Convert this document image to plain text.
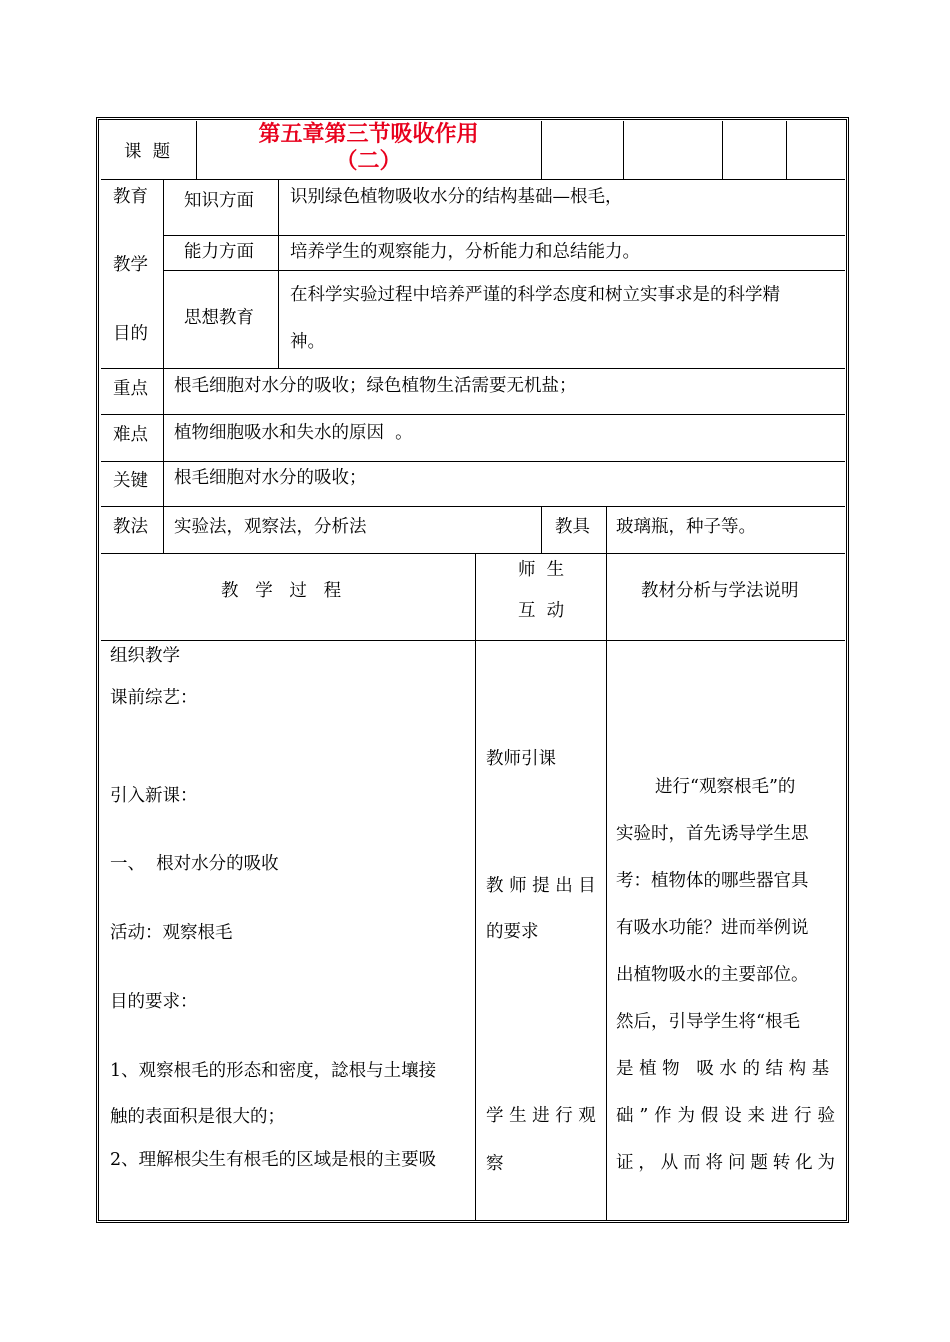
课  题
第五章第三节吸收作用
（二）
教育
教学
目的
知识方面 识别绿色植物吸收水分的结构基础—根毛，
能力方面 培养学生的观察能力，分析能力和总结能力。
思想教育
在科学实验过程中培养严谨的科学态度和树立实事求是的科学精
神。
重点 根毛细胞对水分的吸收；绿色植物生活需要无机盐；
难点 植物细胞吸水和失水的原因  。
关键 根毛细胞对水分的吸收；
教法 实验法，观察法，分析法	教具 玻璃瓶，种子等。
教   学   过   程
师  生
互  动
教材分析与学法说明
组织教学
课前综艺：
引入新课：
一、  根对水分的吸收
活动：观察根毛
目的要求：
1、观察根毛的形态和密度，諗根与土壤接
触的表面积是很大的；
2、理解根尖生有根毛的区域是根的主要吸
教师引课
教 师 提 出 目
的要求
学 生 进 行 观
察
进行“观察根毛”的
实验时，首先诱导学生思
考：植物体的哪些器官具
有吸水功能？进而举例说
出植物吸水的主要部位。
然后，引导学生将“根毛
是 植 物   吸 水 的 结 构 基
础”作为假设来进行验
证，从而将问题转化为
